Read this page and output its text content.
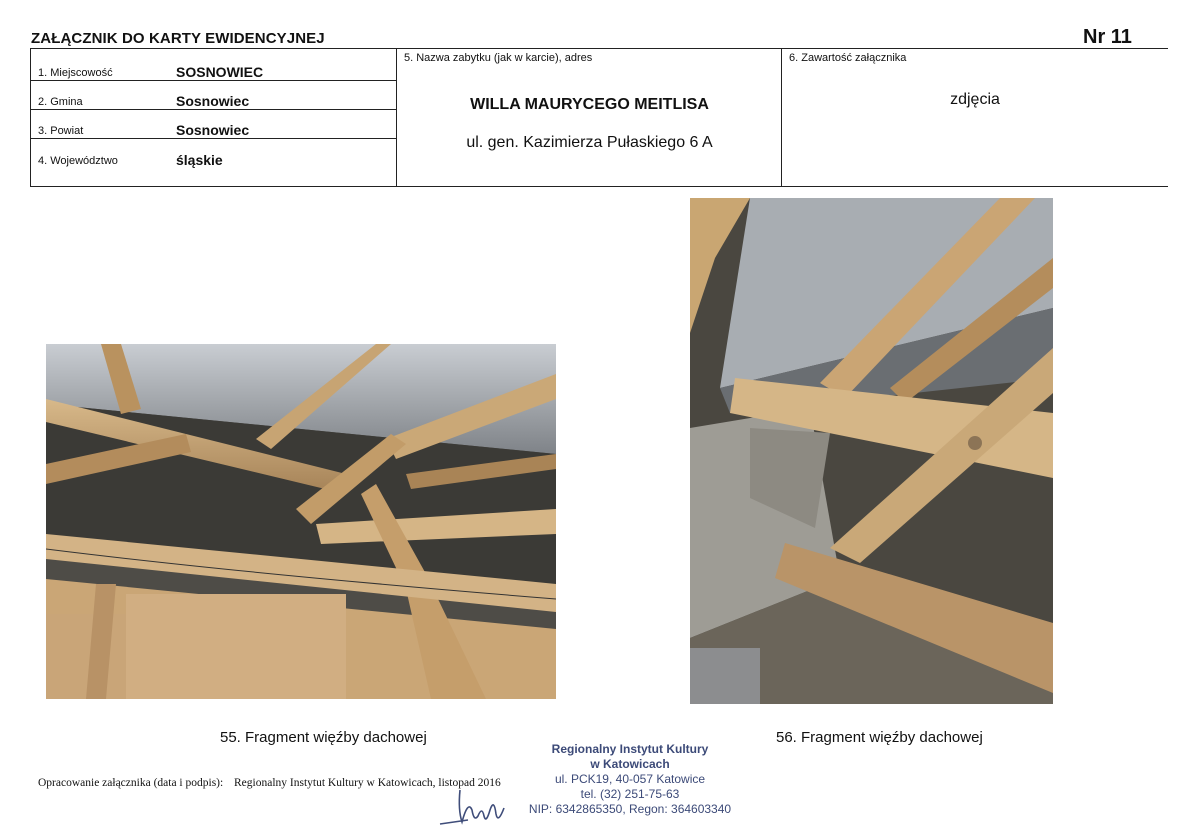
ZAŁĄCZNIK DO KARTY EWIDENCYJNEJ	Nr 11
1. Miejscowość	SOSNOWIEC
2. Gmina	Sosnowiec
3. Powiat	Sosnowiec
4. Województwo	śląskie
5. Nazwa zabytku (jak w karcie), adres
WILLA MAURYCEGO MEITLISA
ul. gen. Kazimierza Pułaskiego 6 A
6. Zawartość załącznika
zdjęcia
55. Fragment więźby dachowej	56. Fragment więźby dachowej
Opracowanie załącznika (data i podpis): Regionalny Instytut Kultury w Katowicach, listopad 2016
Regionalny Instytut Kultury
w Katowicach
ul. PCK19, 40-057 Katowice
tel. (32) 251-75-63
NIP: 6342865350, Regon: 364603340
